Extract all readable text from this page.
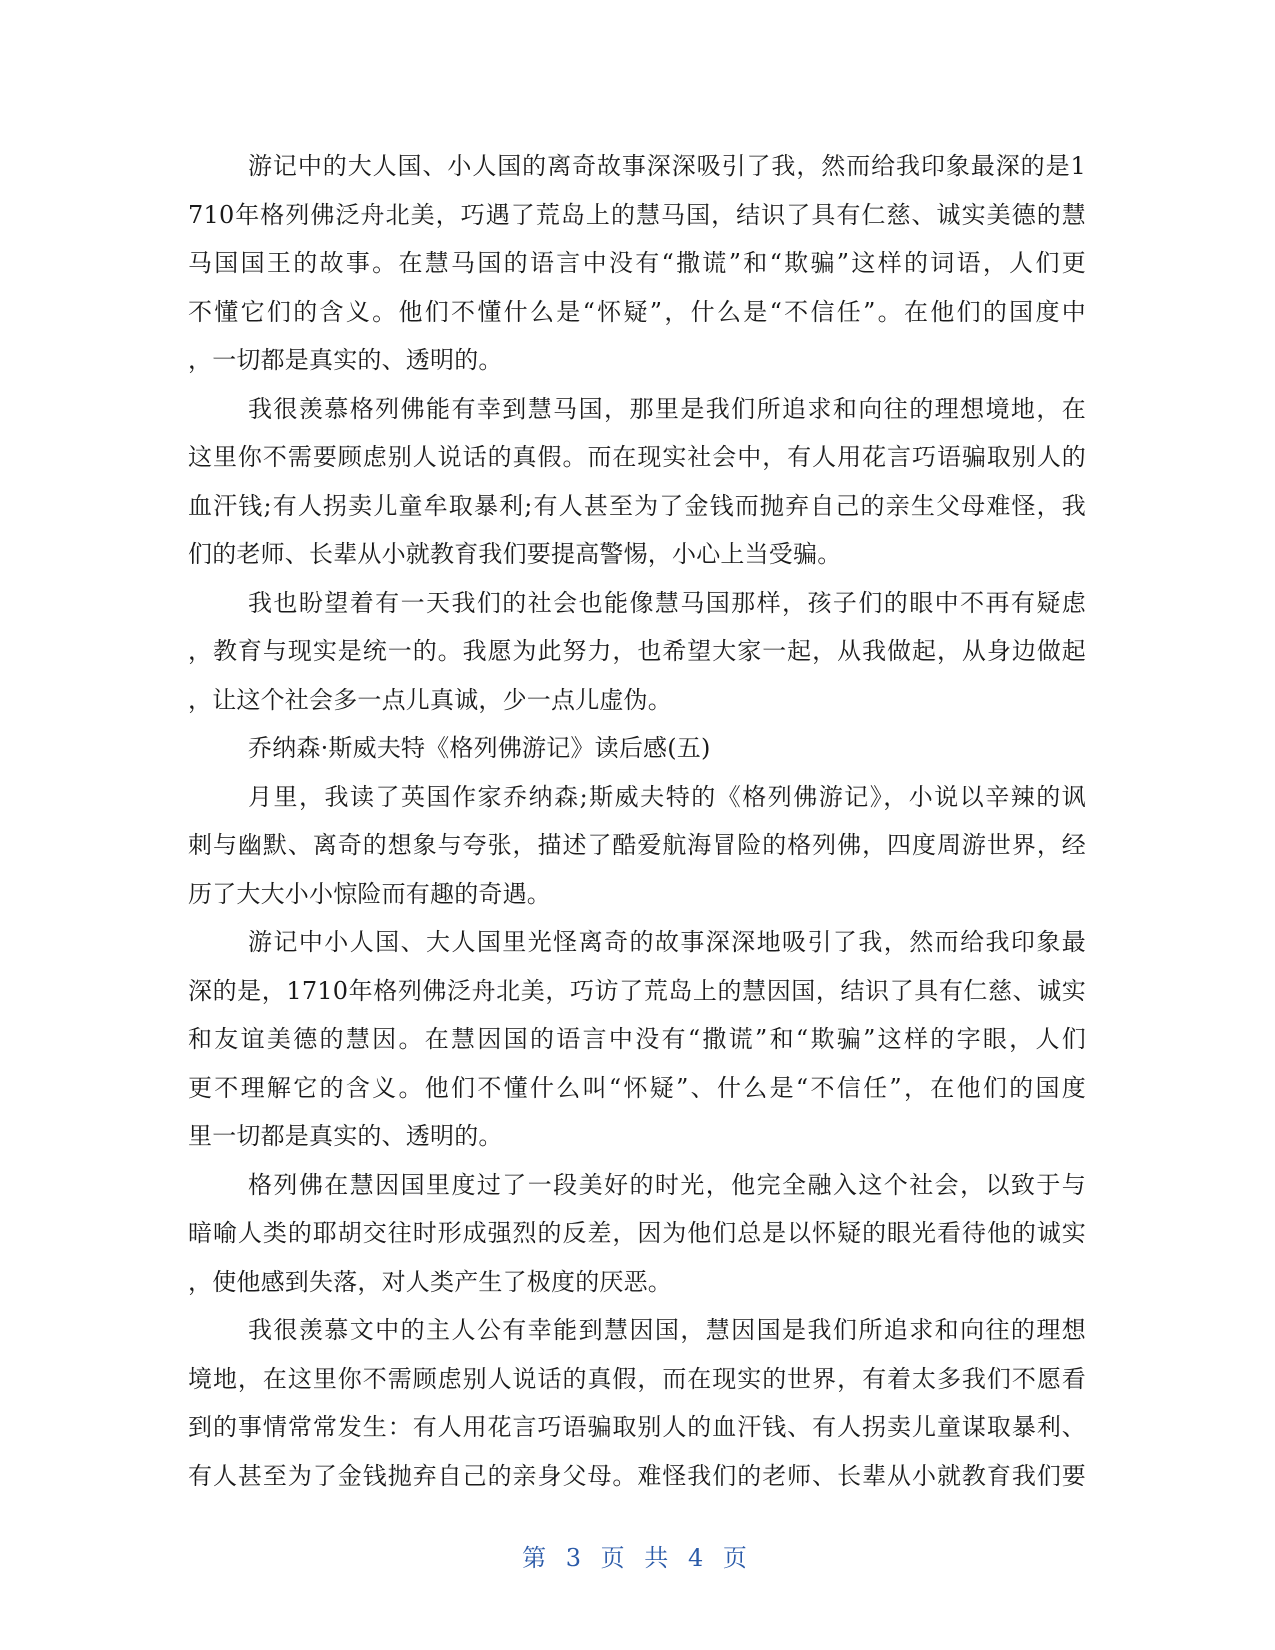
游记中的大人国、小人国的离奇故事深深吸引了我，然而给我印象最深的是1
710年格列佛泛舟北美，巧遇了荒岛上的慧马国，结识了具有仁慈、诚实美德的慧
马国国王的故事。在慧马国的语言中没有“撒谎”和“欺骗”这样的词语，人们更
不懂它们的含义。他们不懂什么是“怀疑”，什么是“不信任”。在他们的国度中
，一切都是真实的、透明的。
我很羡慕格列佛能有幸到慧马国，那里是我们所追求和向往的理想境地，在
这里你不需要顾虑别人说话的真假。而在现实社会中，有人用花言巧语骗取别人的
血汗钱;有人拐卖儿童牟取暴利;有人甚至为了金钱而抛弃自己的亲生父母难怪，我
们的老师、长辈从小就教育我们要提高警惕，小心上当受骗。
我也盼望着有一天我们的社会也能像慧马国那样，孩子们的眼中不再有疑虑
，教育与现实是统一的。我愿为此努力，也希望大家一起，从我做起，从身边做起
，让这个社会多一点儿真诚，少一点儿虚伪。
乔纳森·斯威夫特《格列佛游记》读后感(五)
月里，我读了英国作家乔纳森;斯威夫特的《格列佛游记》，小说以辛辣的讽
刺与幽默、离奇的想象与夸张，描述了酷爱航海冒险的格列佛，四度周游世界，经
历了大大小小惊险而有趣的奇遇。
游记中小人国、大人国里光怪离奇的故事深深地吸引了我，然而给我印象最
深的是，1710年格列佛泛舟北美，巧访了荒岛上的慧因国，结识了具有仁慈、诚实
和友谊美德的慧因。在慧因国的语言中没有“撒谎”和“欺骗”这样的字眼，人们
更不理解它的含义。他们不懂什么叫“怀疑”、什么是“不信任”，在他们的国度
里一切都是真实的、透明的。
格列佛在慧因国里度过了一段美好的时光，他完全融入这个社会，以致于与
暗喻人类的耶胡交往时形成强烈的反差，因为他们总是以怀疑的眼光看待他的诚实
，使他感到失落，对人类产生了极度的厌恶。
我很羡慕文中的主人公有幸能到慧因国，慧因国是我们所追求和向往的理想
境地，在这里你不需顾虑别人说话的真假，而在现实的世界，有着太多我们不愿看
到的事情常常发生：有人用花言巧语骗取别人的血汗钱、有人拐卖儿童谋取暴利、
有人甚至为了金钱抛弃自己的亲身父母。难怪我们的老师、长辈从小就教育我们要
第 3 页 共 4 页
